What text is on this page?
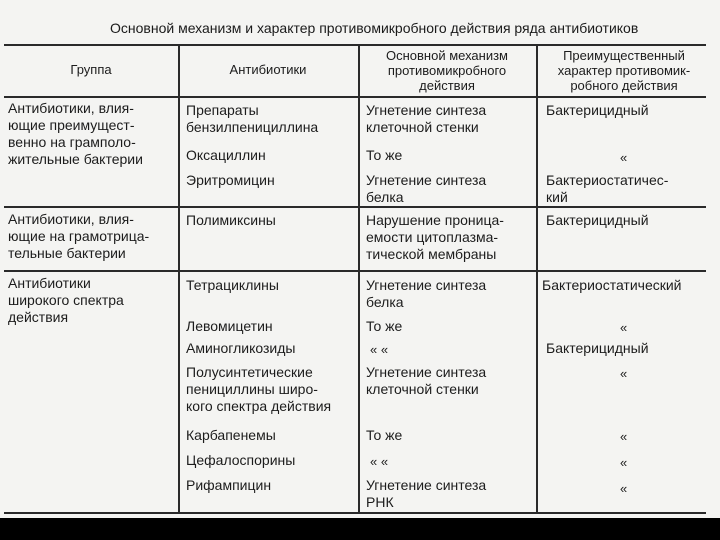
Основной механизм и характер противомикробного действия ряда антибиотиков
Группа	Антибиотики
Основной механизм
противомикробного
действия
Преимущественный
характер противомик-
робного действия
Антибиотики, влия-
ющие преимущест-
венно на грамполо-
жительные бактерии
Антибиотики, влия-
ющие на грамотрица-
тельные бактерии
Антибиотики
широкого спектра
действия
Препараты
бензилпенициллина
Оксациллин
Эритромицин
Полимиксины
Тетрациклины
Левомицетин
Аминогликозиды
Полусинтетические
пенициллины широ-
кого спектра действия
Карбапенемы
Цефалоспорины
Рифампицин
Угнетение синтеза
клеточной стенки
То же
Угнетение синтеза
белка
Нарушение проница-
емости цитоплазма-
тической мембраны
Угнетение синтеза
белка
То же
« «
Угнетение синтеза
клеточной стенки
То же
« «
Угнетение синтеза
РНК
Бактерицидный
«
Бактериостатичес-
кий
Бактерицидный
Бактериостатический
«
Бактерицидный
«
«
«
«
